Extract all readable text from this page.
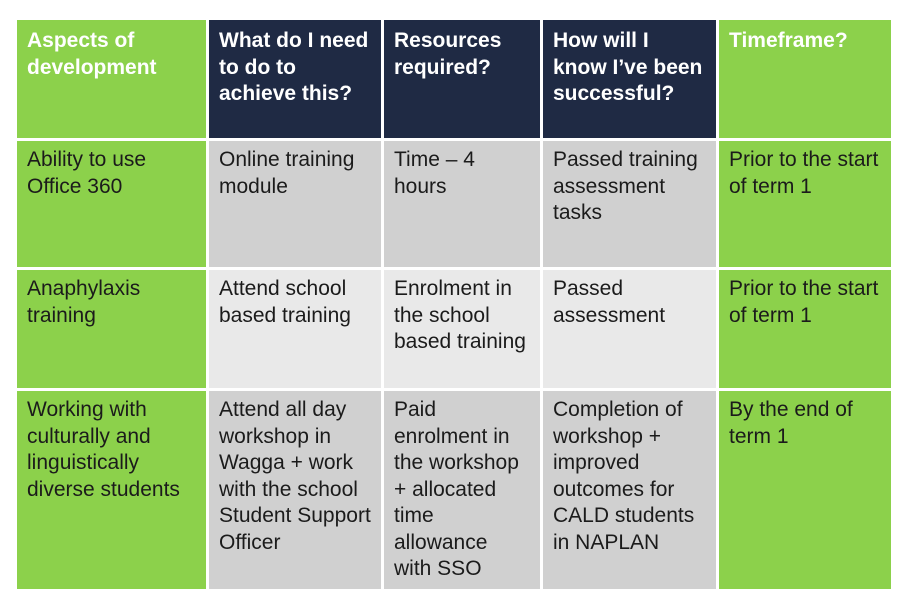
Aspects of development
What do I need to do to achieve this?
Resources required?
How will I know I’ve been successful?
Timeframe?
Ability to use Office 360
Online training module
Time – 4 hours
Passed training assessment tasks
Prior to the start of term 1
Anaphylaxis training
Attend school based training
Enrolment in the school based training
Passed assessment
Prior to the start of term 1
Working with culturally and linguistically diverse students
Attend all day workshop in Wagga + work with the school Student Support Officer
Paid enrolment in the workshop + allocated time allowance with SSO
Completion of workshop + improved outcomes for CALD students in NAPLAN
By the end of term 1
